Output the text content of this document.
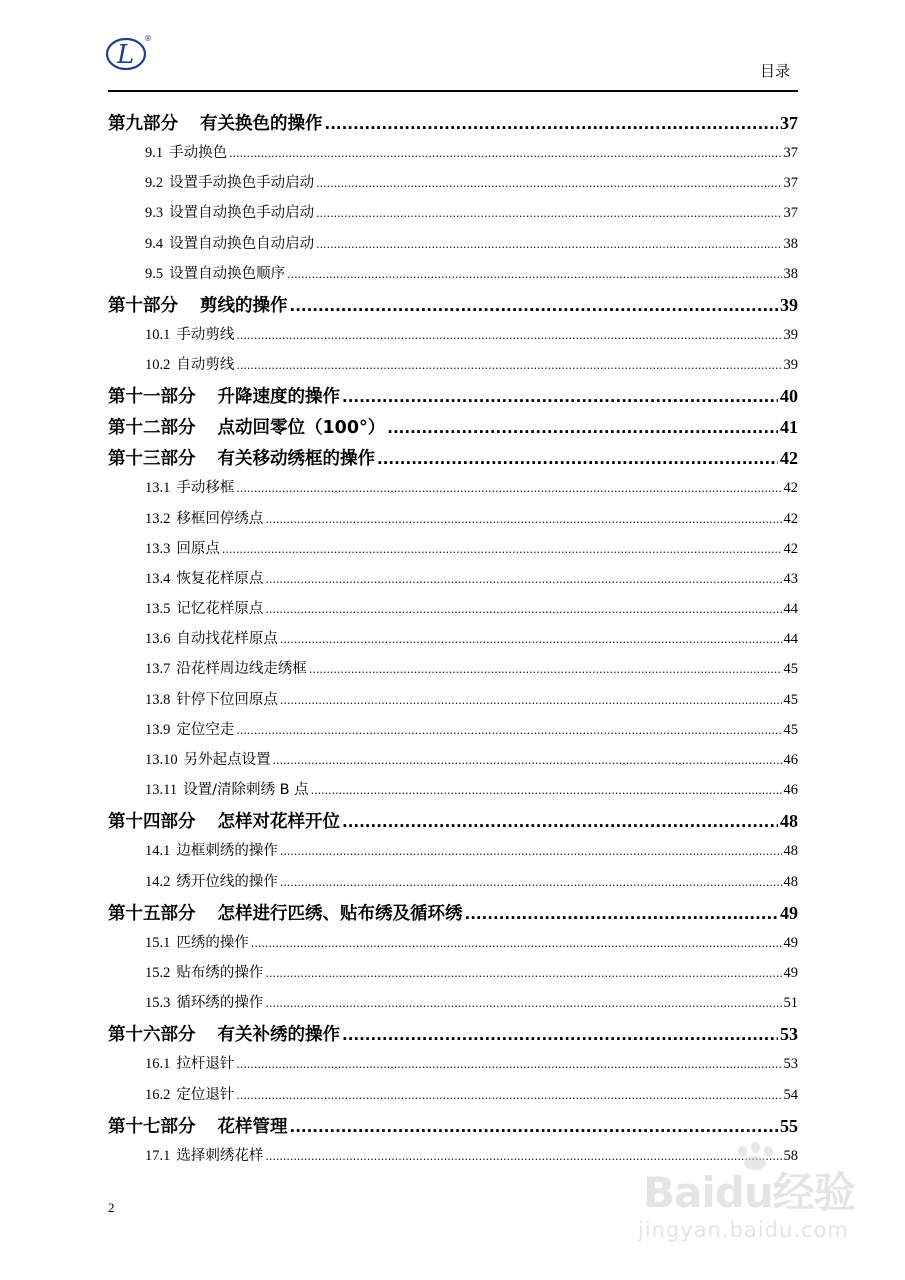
L
®
目录
第九部分 有关换色的操作 .....	37
9.1 手动换色 .....	37
9.2 设置手动换色手动启动 .....	37
9.3 设置自动换色手动启动 .....	37
9.4 设置自动换色自动启动 .....	38
9.5 设置自动换色顺序 .....	38
第十部分 剪线的操作 .....	39
10.1 手动剪线 .....	39
10.2 自动剪线 .....	39
第十一部分 升降速度的操作 .....	40
第十二部分 点动回零位（100°） .....	41
第十三部分 有关移动绣框的操作 .....	42
13.1 手动移框 .....	42
13.2 移框回停绣点 .....	42
13.3 回原点 .....	42
13.4 恢复花样原点 .....	43
13.5 记忆花样原点 .....	44
13.6 自动找花样原点 .....	44
13.7 沿花样周边线走绣框 .....	45
13.8 针停下位回原点 .....	45
13.9 定位空走 .....	45
13.10 另外起点设置 .....	46
13.11 设置/清除刺绣 B 点 .....	46
第十四部分 怎样对花样开位 .....	48
14.1 边框刺绣的操作 .....	48
14.2 绣开位线的操作 .....	48
第十五部分 怎样进行匹绣、贴布绣及循环绣 .....	49
15.1 匹绣的操作 .....	49
15.2 贴布绣的操作 .....	49
15.3 循环绣的操作 .....	51
第十六部分 有关补绣的操作 .....	53
16.1 拉杆退针 .....	53
16.2 定位退针 .....	54
第十七部分 花样管理 .....	55
17.1 选择刺绣花样 .....	58
2	Baidu经验
jingyan.baidu.com
